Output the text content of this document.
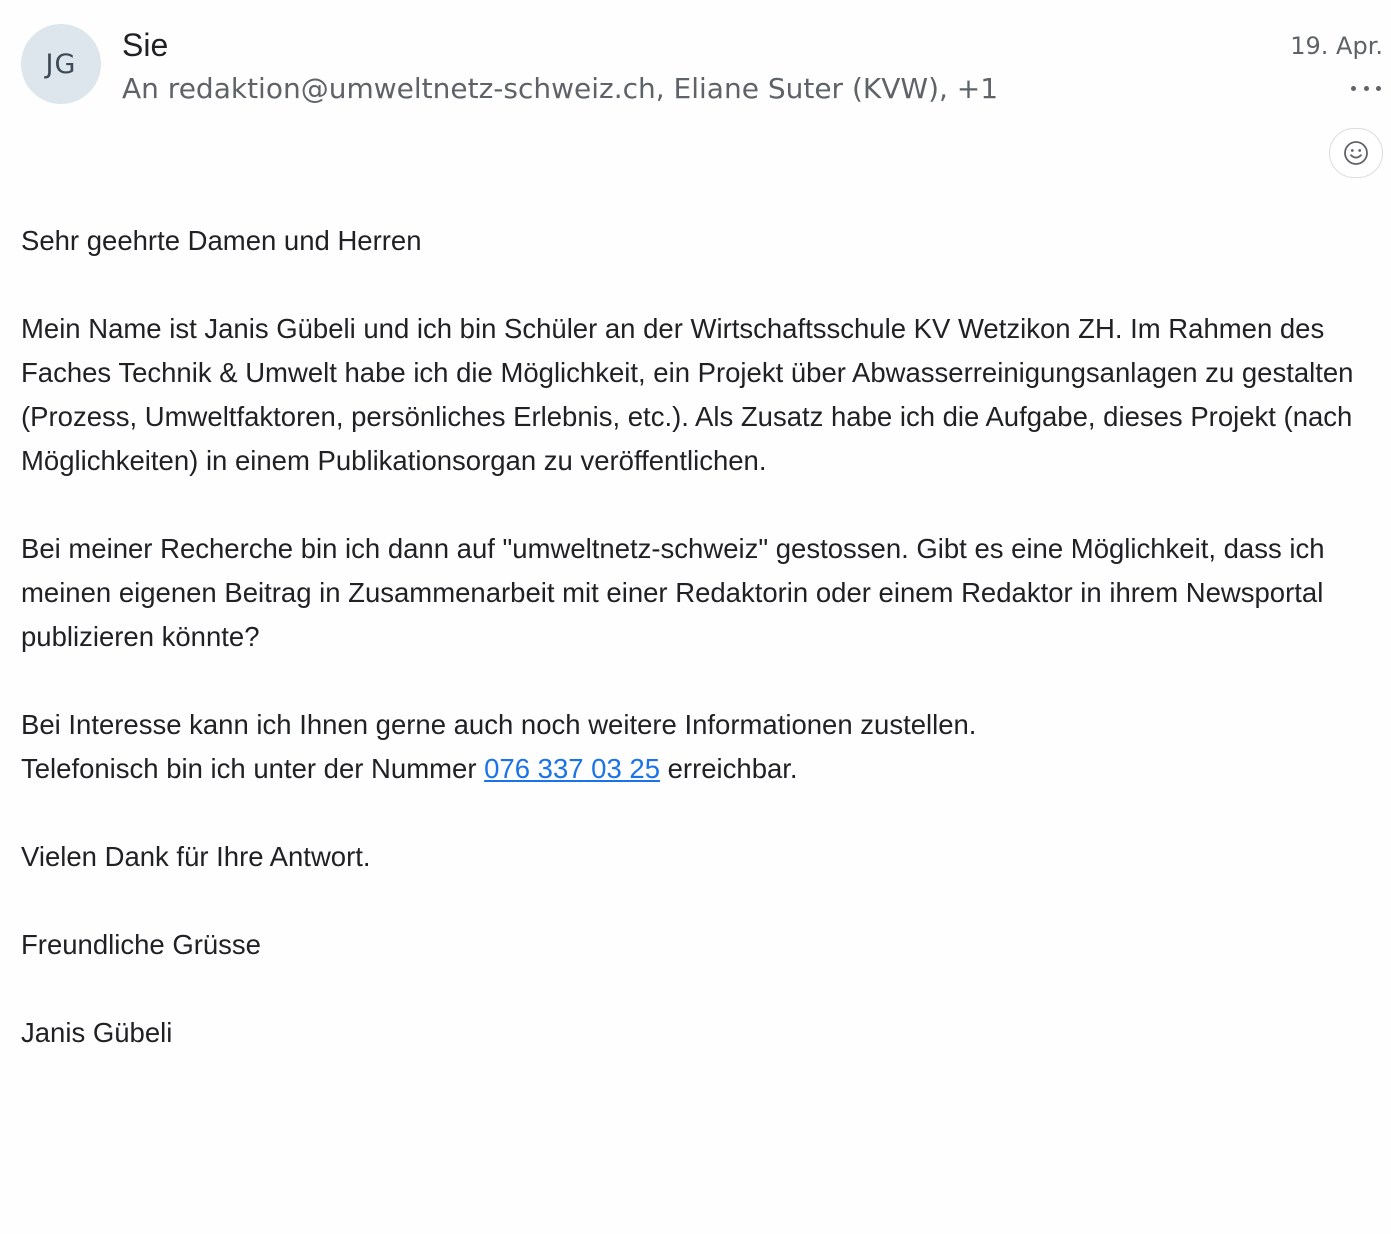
JG
Sie
An redaktion@umweltnetz-schweiz.ch, Eliane Suter (KVW), +1
19. Apr.

Sehr geehrte Damen und Herren

Mein Name ist Janis Gübeli und ich bin Schüler an der Wirtschaftsschule KV Wetzikon ZH. Im Rahmen des Faches Technik & Umwelt habe ich die Möglichkeit, ein Projekt über Abwasserreinigungsanlagen zu gestalten (Prozess, Umweltfaktoren, persönliches Erlebnis, etc.). Als Zusatz habe ich die Aufgabe, dieses Projekt (nach Möglichkeiten) in einem Publikationsorgan zu veröffentlichen.

Bei meiner Recherche bin ich dann auf "umweltnetz-schweiz" gestossen. Gibt es eine Möglichkeit, dass ich meinen eigenen Beitrag in Zusammenarbeit mit einer Redaktorin oder einem Redaktor in ihrem Newsportal publizieren könnte?

Bei Interesse kann ich Ihnen gerne auch noch weitere Informationen zustellen.

Telefonisch bin ich unter der Nummer 076 337 03 25 erreichbar.

Vielen Dank für Ihre Antwort.

Freundliche Grüsse

Janis Gübeli
